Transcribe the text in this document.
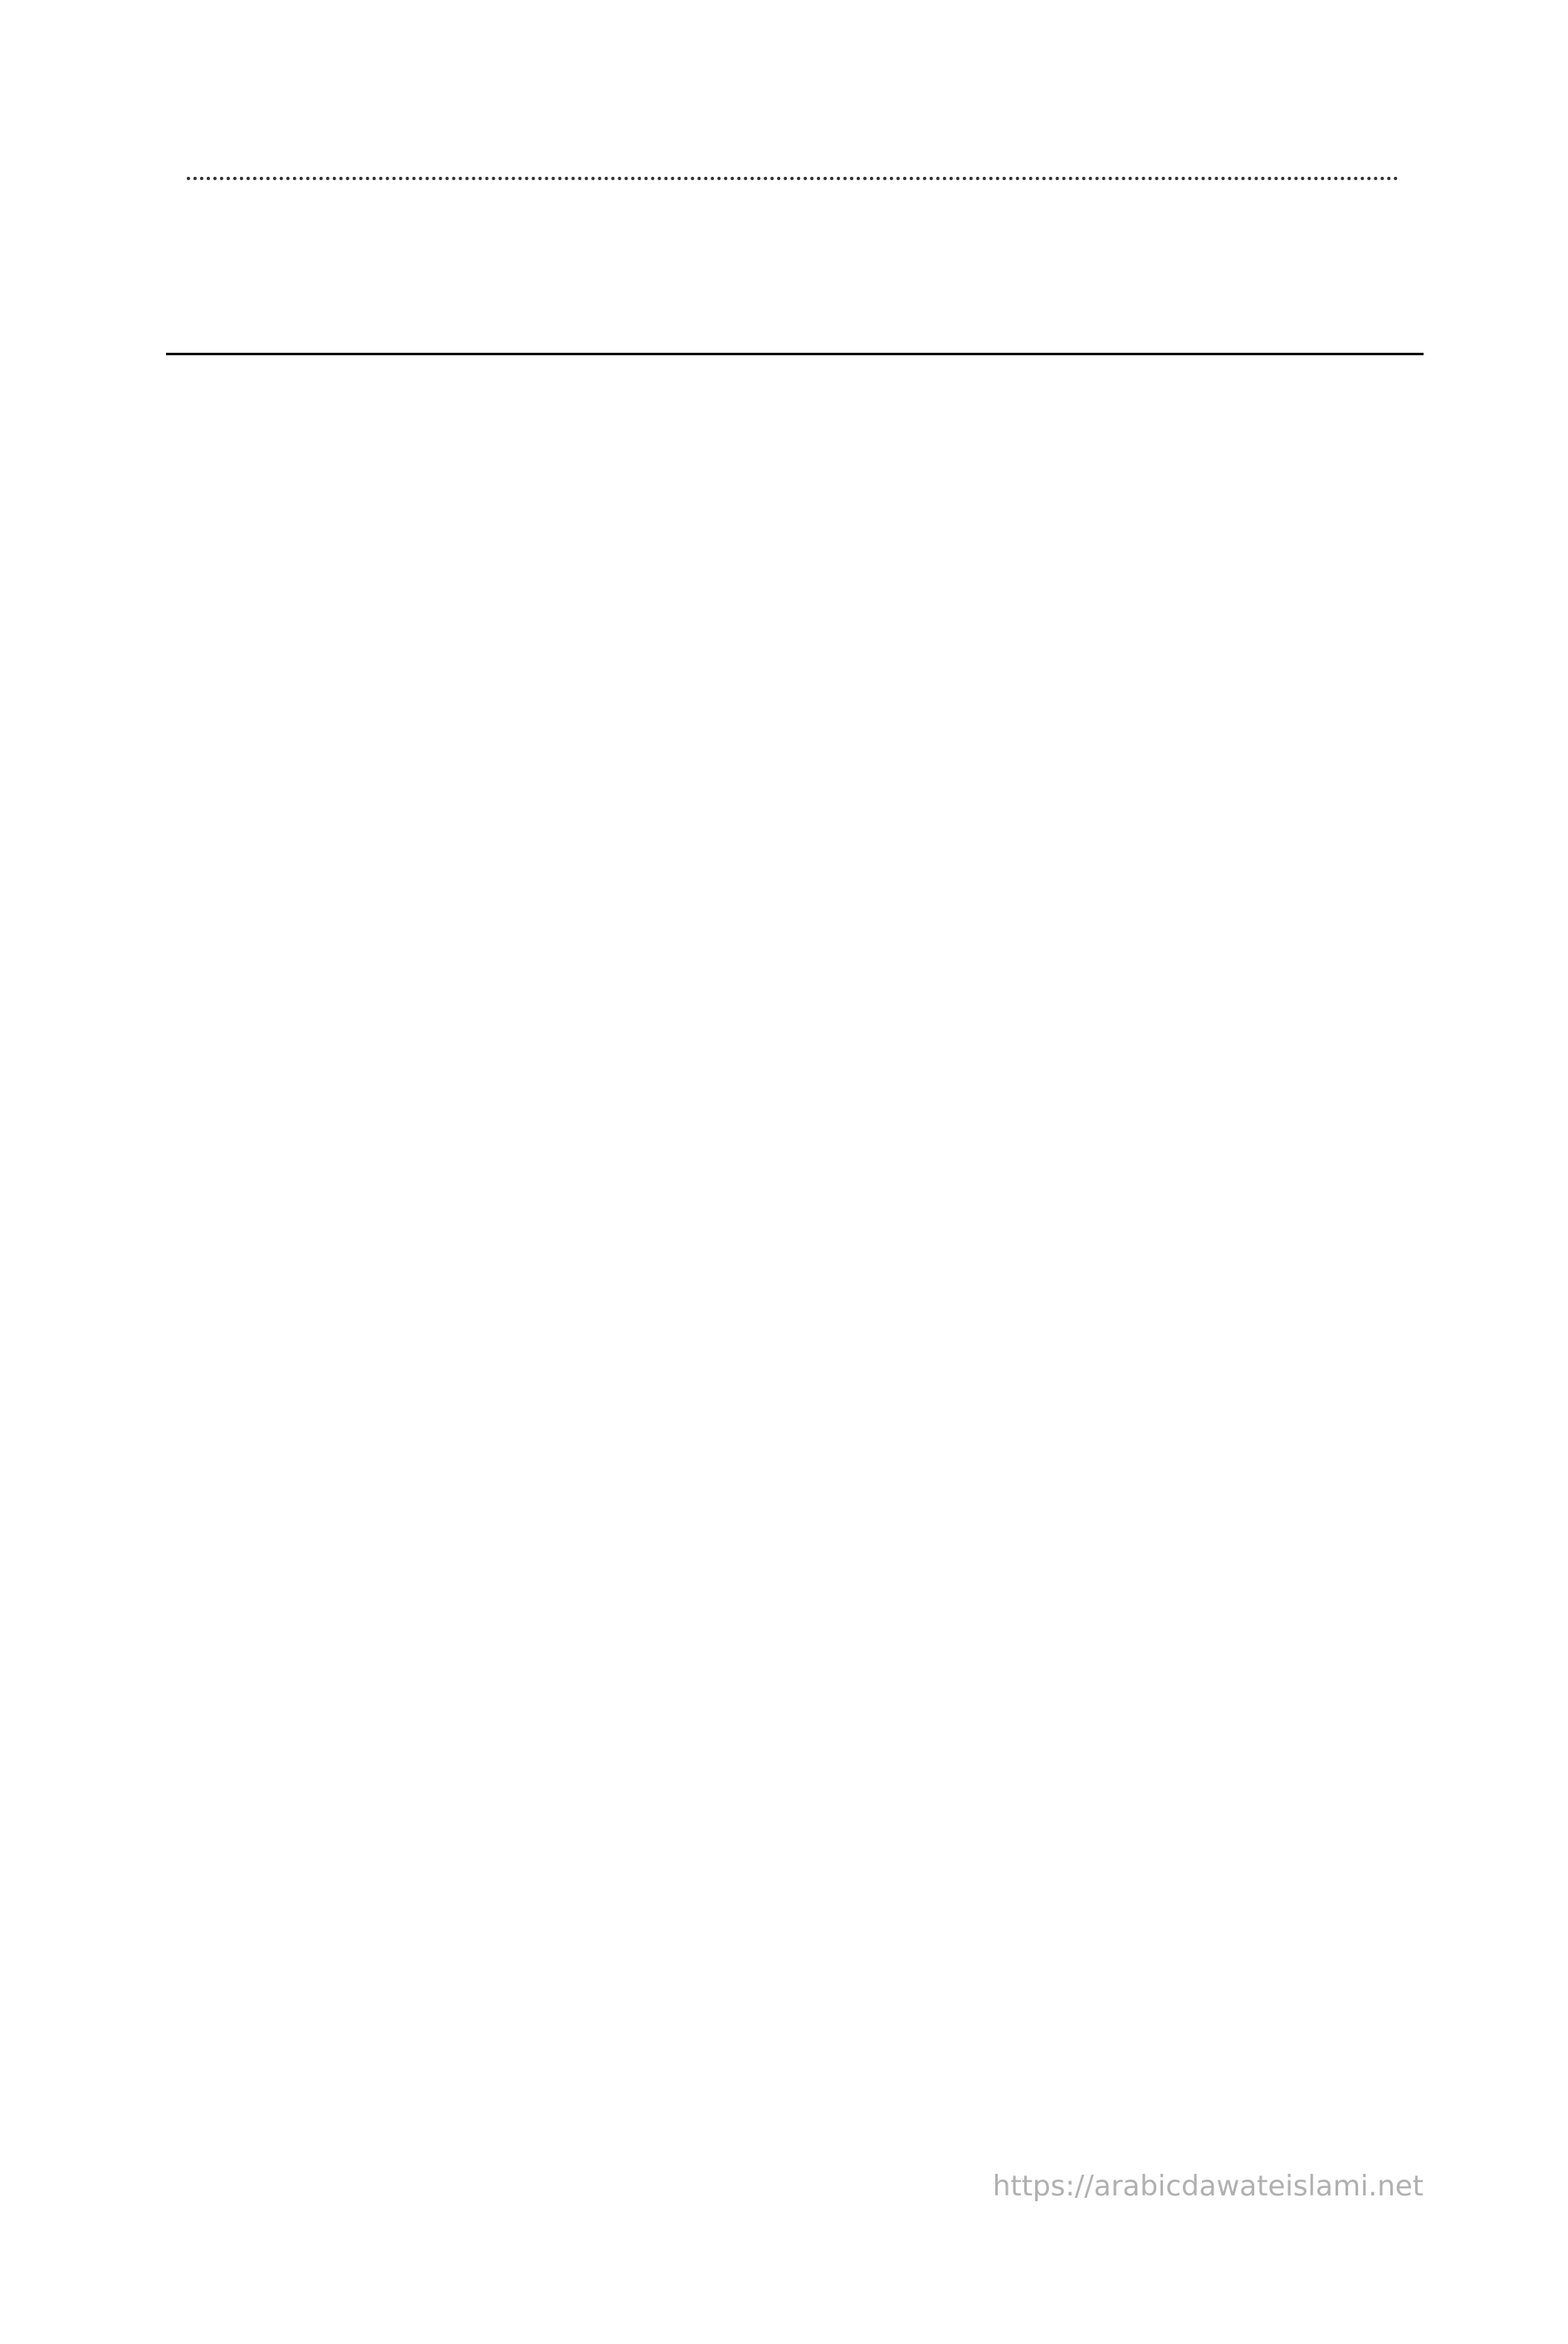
https://arabicdawateislami.net
